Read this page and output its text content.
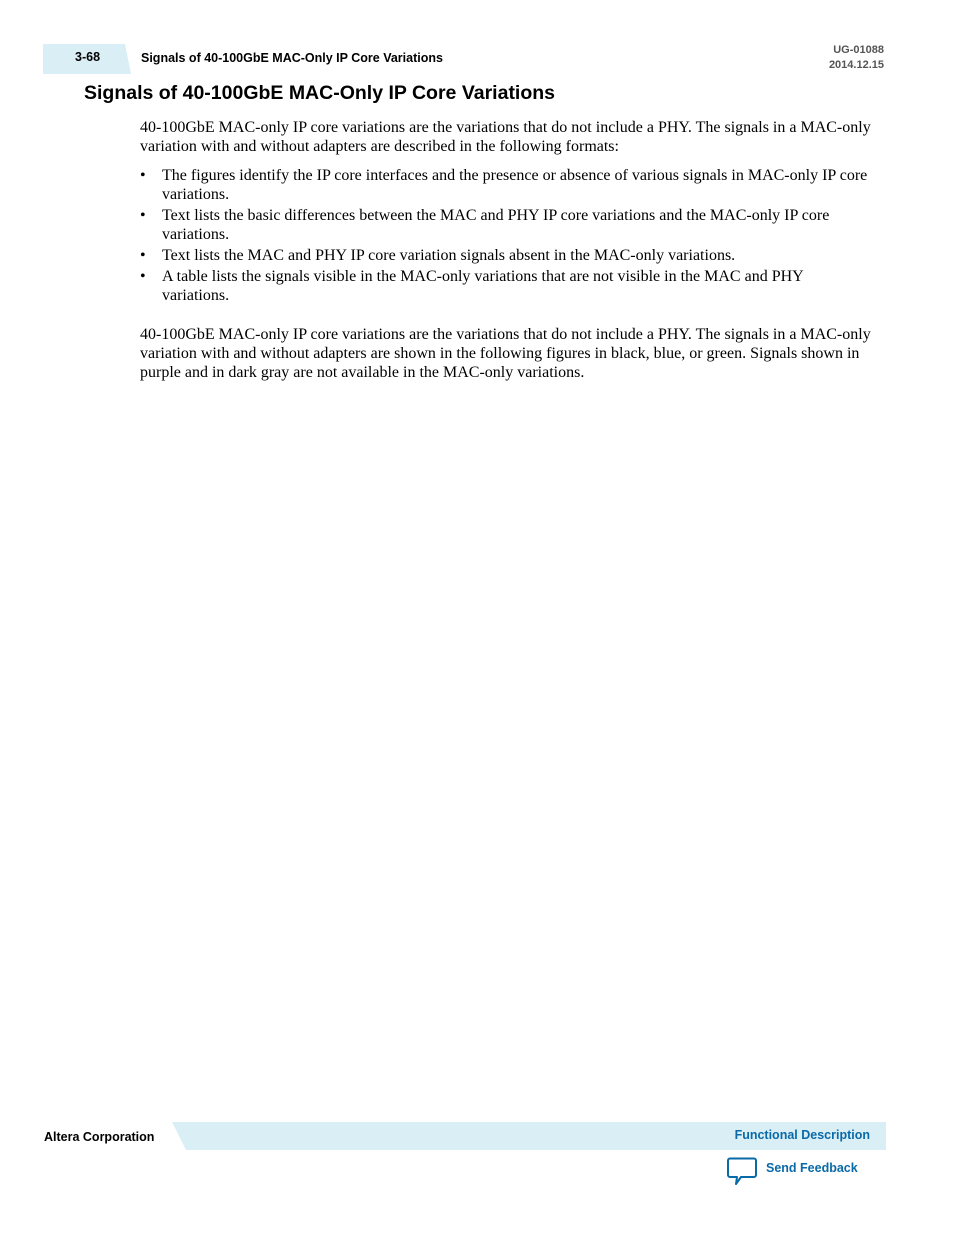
3-68	Signals of 40-100GbE MAC-Only IP Core Variations
UG-01088
2014.12.15
Signals of 40-100GbE MAC-Only IP Core Variations

40-100GbE MAC-only IP core variations are the variations that do not include a PHY. The signals in a MAC-only variation with and without adapters are described in the following formats:

• The figures identify the IP core interfaces and the presence or absence of various signals in MAC-only IP core variations.
• Text lists the basic differences between the MAC and PHY IP core variations and the MAC-only IP core variations.
• Text lists the MAC and PHY IP core variation signals absent in the MAC-only variations.
• A table lists the signals visible in the MAC-only variations that are not visible in the MAC and PHY variations.

40-100GbE MAC-only IP core variations are the variations that do not include a PHY. The signals in a MAC-only variation with and without adapters are shown in the following figures in black, blue, or green. Signals shown in purple and in dark gray are not available in the MAC-only variations.

Altera Corporation	Functional Description
Send Feedback
